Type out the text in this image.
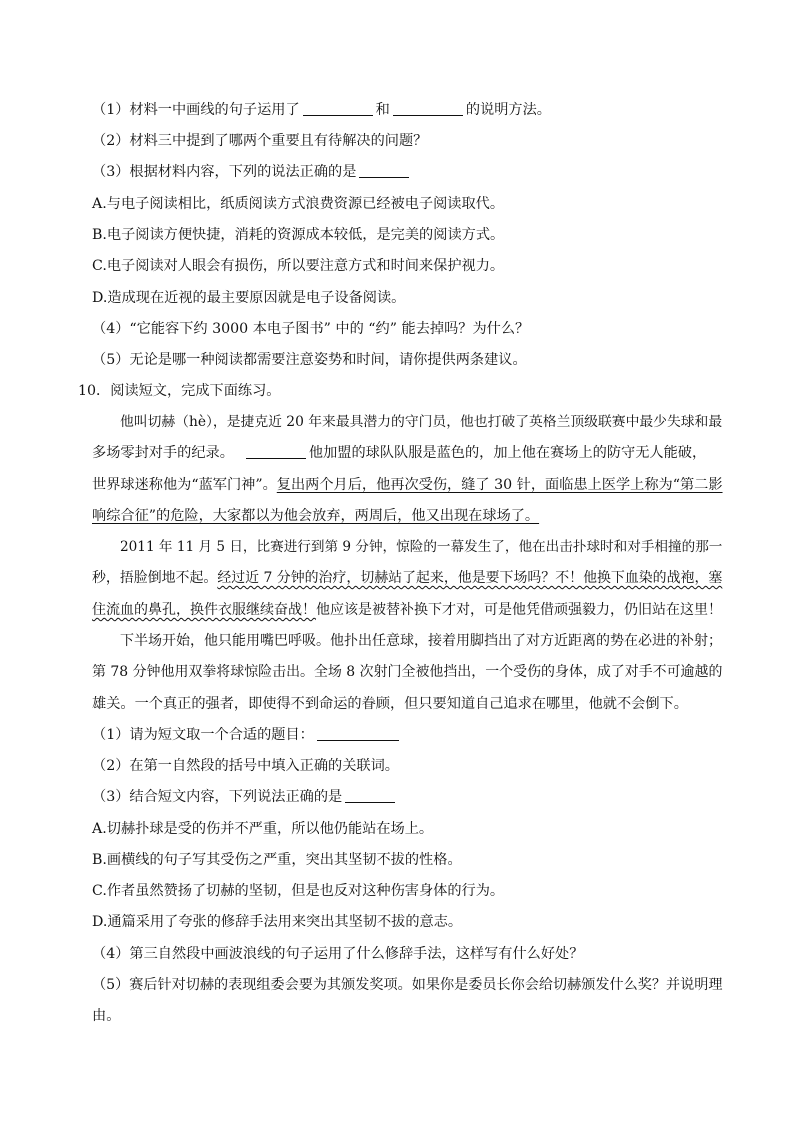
（1）材料一中画线的句子运用了	和	的说明方法。
（2）材料三中提到了哪两个重要且有待解决的问题？
（3）根据材料内容，下列的说法正确的是
A.与电子阅读相比，纸质阅读方式浪费资源已经被电子阅读取代。
B.电子阅读方便快捷，消耗的资源成本较低，是完美的阅读方式。
C.电子阅读对人眼会有损伤，所以要注意方式和时间来保护视力。
D.造成现在近视的最主要原因就是电子设备阅读。
（4）“它能容下约 3000 本电子图书” 中的 “约” 能去掉吗？为什么？
（5）无论是哪一种阅读都需要注意姿势和时间，请你提供两条建议。
10．阅读短文，完成下面练习。
他叫切赫（hè），是捷克近 20 年来最具潜力的守门员，他也打破了英格兰顶级联赛中最少失球和最
多场零封对手的纪录。	他加盟的球队队服是蓝色的，加上他在赛场上的防守无人能破，
世界球迷称他为“蓝军门神”。复出两个月后，他再次受伤，缝了 30 针，面临患上医学上称为“第二影
响综合征”的危险，大家都以为他会放弃，两周后，他又出现在球场了。
2011 年 11 月 5 日，比赛进行到第 9 分钟，惊险的一幕发生了，他在出击扑球时和对手相撞的那一
秒，捂脸倒地不起。经过近 7 分钟的治疗，切赫站了起来，他是要下场吗？不！他换下血染的战袍，塞
住流血的鼻孔，换件衣服继续奋战！他应该是被替补换下才对，可是他凭借顽强毅力，仍旧站在这里！
下半场开始，他只能用嘴巴呼吸。他扑出任意球，接着用脚挡出了对方近距离的势在必进的补射；
第 78 分钟他用双拳将球惊险击出。全场 8 次射门全被他挡出，一个受伤的身体，成了对手不可逾越的
雄关。一个真正的强者，即使得不到命运的眷顾，但只要知道自己追求在哪里，他就不会倒下。
（1）请为短文取一个合适的题目：
（2）在第一自然段的括号中填入正确的关联词。
（3）结合短文内容，下列说法正确的是
A.切赫扑球是受的伤并不严重，所以他仍能站在场上。
B.画横线的句子写其受伤之严重，突出其坚韧不拔的性格。
C.作者虽然赞扬了切赫的坚韧，但是也反对这种伤害身体的行为。
D.通篇采用了夸张的修辞手法用来突出其坚韧不拔的意志。
（4）第三自然段中画波浪线的句子运用了什么修辞手法，这样写有什么好处？
（5）赛后针对切赫的表现组委会要为其颁发奖项。如果你是委员长你会给切赫颁发什么奖？并说明理
由。
